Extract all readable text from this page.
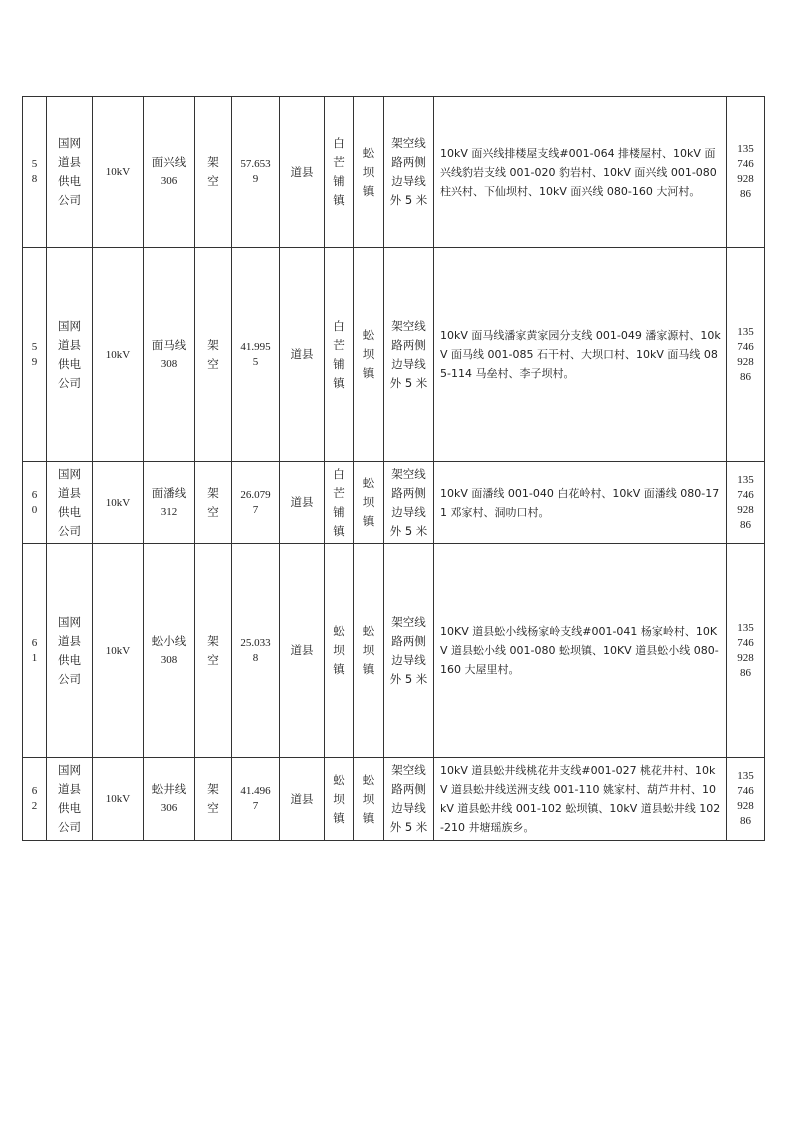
5
8	国网
道县
供电
公司	10kV	面兴线
306	架
空	57.653
9	道县	白
芒
铺
镇	蚣
坝
镇	架空线
路两侧
边导线
外 5 米	10kV 面兴线排楼屋支线#001-064 排楼屋村、10kV 面兴线豹岩支线 001-020 豹岩村、10kV 面兴线 001-080 柱兴村、下仙坝村、10kV 面兴线 080-160 大河村。	135
746
928
86

5
9	国网
道县
供电
公司	10kV	面马线
308	架
空	41.995
5	道县	白
芒
铺
镇	蚣
坝
镇	架空线
路两侧
边导线
外 5 米	10kV 面马线潘家黄家园分支线 001-049 潘家源村、10kV 面马线 001-085 石干村、大坝口村、10kV 面马线 085-114 马垒村、李子坝村。	135
746
928
86

6
0	国网
道县
供电
公司	10kV	面潘线
312	架
空	26.079
7	道县	白
芒
铺
镇	蚣
坝
镇	架空线
路两侧
边导线
外 5 米	10kV 面潘线 001-040 白花岭村、10kV 面潘线 080-171 邓家村、洞叻口村。	135
746
928
86

6
1	国网
道县
供电
公司	10kV	蚣小线
308	架
空	25.033
8	道县	蚣
坝
镇	蚣
坝
镇	架空线
路两侧
边导线
外 5 米	10KV 道县蚣小线杨家岭支线#001-041 杨家岭村、10KV 道县蚣小线 001-080 蚣坝镇、10KV 道县蚣小线 080-160 大屋里村。	135
746
928
86

6
2	国网
道县
供电
公司	10kV	蚣井线
306	架
空	41.496
7	道县	蚣
坝
镇	蚣
坝
镇	架空线
路两侧
边导线
外 5 米	10kV 道县蚣井线桃花井支线#001-027 桃花井村、10kV 道县蚣井线送洲支线 001-110 姚家村、葫芦井村、10kV 道县蚣井线 001-102 蚣坝镇、10kV 道县蚣井线 102-210 井塘瑶族乡。	135
746
928
86
